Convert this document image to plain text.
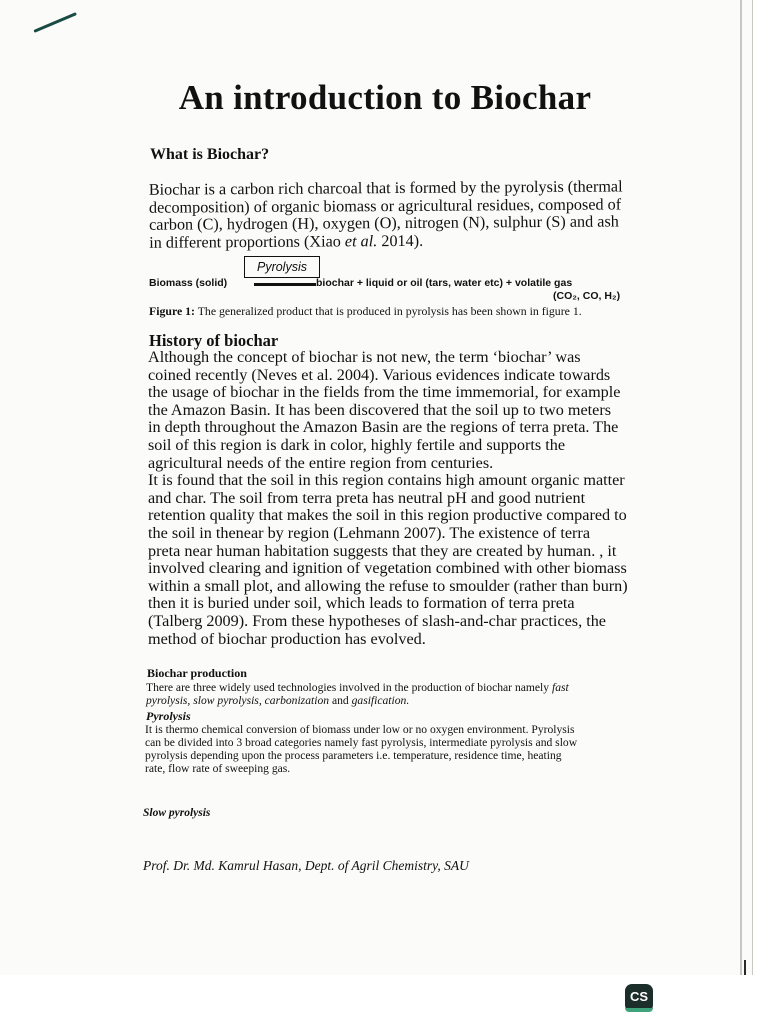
An introduction to Biochar
What is Biochar?
Biochar is a carbon rich charcoal that is formed by the pyrolysis (thermal
decomposition) of organic biomass or agricultural residues, composed of
carbon (C), hydrogen (H), oxygen (O), nitrogen (N), sulphur (S) and ash
in different proportions (Xiao et al. 2014).
Pyrolysis
Biomass (solid)	biochar + liquid or oil (tars, water etc) + volatile gas
(CO₂, CO, H₂)
Figure 1: The generalized product that is produced in pyrolysis has been shown in figure 1.
History of biochar
Although the concept of biochar is not new, the term ‘biochar’ was
coined recently (Neves et al. 2004). Various evidences indicate towards
the usage of biochar in the fields from the time immemorial, for example
the Amazon Basin. It has been discovered that the soil up to two meters
in depth throughout the Amazon Basin are the regions of terra preta. The
soil of this region is dark in color, highly fertile and supports the
agricultural needs of the entire region from centuries.
It is found that the soil in this region contains high amount organic matter
and char. The soil from terra preta has neutral pH and good nutrient
retention quality that makes the soil in this region productive compared to
the soil in thenear by region (Lehmann 2007). The existence of terra
preta near human habitation suggests that they are created by human. , it
involved clearing and ignition of vegetation combined with other biomass
within a small plot, and allowing the refuse to smoulder (rather than burn)
then it is buried under soil, which leads to formation of terra preta
(Talberg 2009). From these hypotheses of slash-and-char practices, the
method of biochar production has evolved.
Biochar production
There are three widely used technologies involved in the production of biochar namely fast
pyrolysis, slow pyrolysis, carbonization and gasification.
Pyrolysis
It is thermo chemical conversion of biomass under low or no oxygen environment. Pyrolysis
can be divided into 3 broad categories namely fast pyrolysis, intermediate pyrolysis and slow
pyrolysis depending upon the process parameters i.e. temperature, residence time, heating
rate, flow rate of sweeping gas.
Slow pyrolysis
Prof. Dr. Md. Kamrul Hasan, Dept. of Agril Chemistry, SAU
CS
